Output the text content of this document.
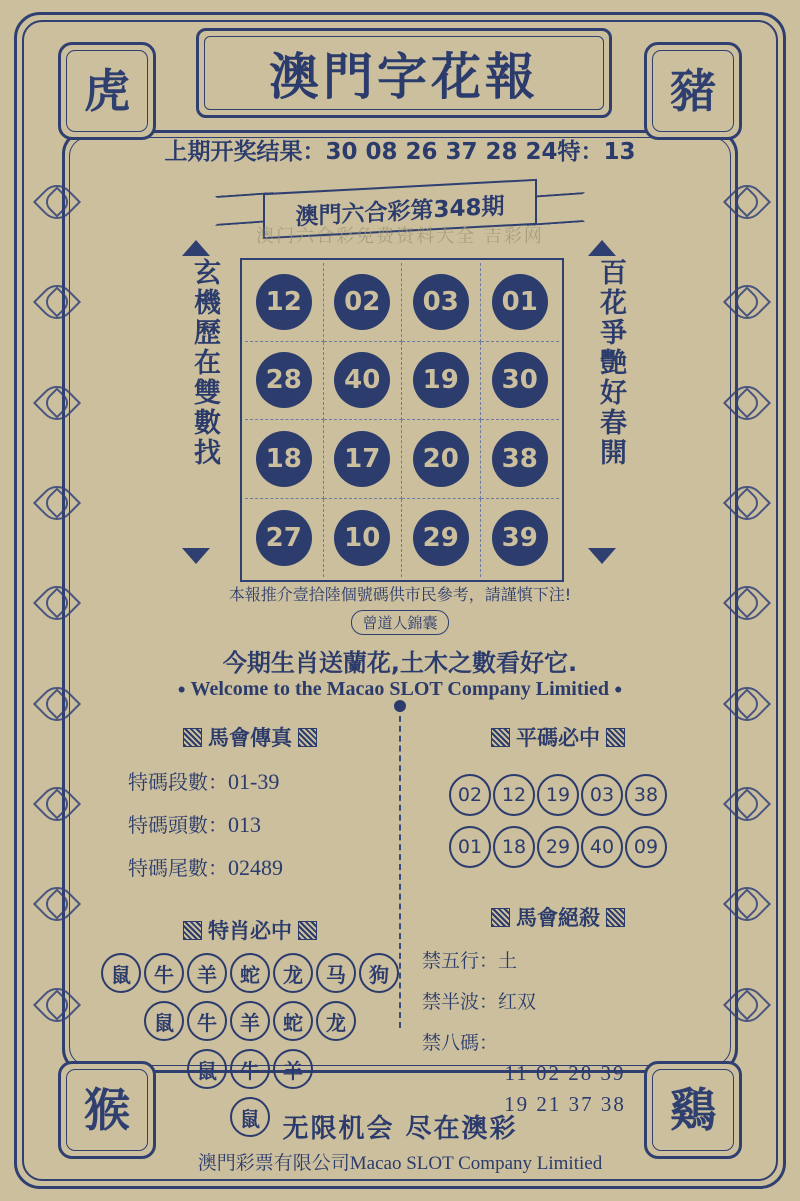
虎	豬
猴	鷄
澳門字花報
上期开奖结果：30 08 26 37 28 24特：13
澳門六合彩第348期
澳门六合彩免费资料大全 吉彩网
玄機歷在雙數找	百花爭艷好春開
12	02	03	01
28	40	19	30
18	17	20	38
27	10	29	39
本報推介壹拾陸個號碼供市民參考，請謹慎下注!
曾道人錦囊
今期生肖送蘭花,土木之數看好它.
● Welcome to the Macao SLOT Company Limitied ●
馬會傳真
特碼段數：01-39
特碼頭數：013
特碼尾數：02489
特肖必中
鼠	牛	羊	蛇	龙	马	狗
鼠	牛	羊	蛇	龙
鼠	牛	羊
鼠
平碼必中
02	12	19	03	38
01	18	29	40	09
馬會絕殺
禁五行：土
禁半波：红双
禁八碼：
11 02 28 39
19 21 37 38
无限机会 尽在澳彩
澳門彩票有限公司Macao SLOT Company Limitied
